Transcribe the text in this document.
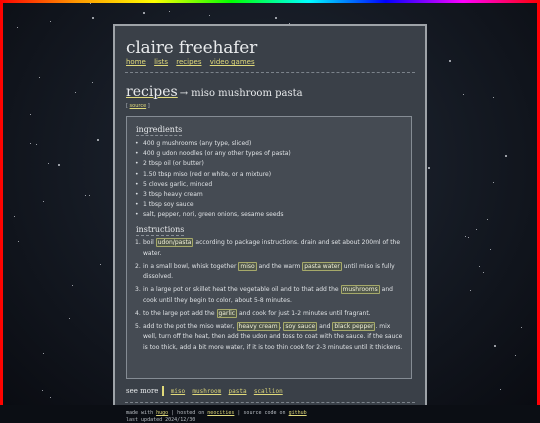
claire freehafer
home lists recipes video games
recipes → miso mushroom pasta
[ source ]
ingredients
• 400 g mushrooms (any type, sliced)
• 400 g udon noodles (or any other types of pasta)
• 2 tbsp oil (or butter)
• 1.50 tbsp miso (red or white, or a mixture)
• 5 cloves garlic, minced
• 3 tbsp heavy cream
• 1 tbsp soy sauce
• salt, pepper, nori, green onions, sesame seeds
instructions
1. boil udon/pasta according to package instructions. drain and set about 200ml of the water.
2. in a small bowl, whisk together miso and the warm pasta water until miso is fully dissolved.
3. in a large pot or skillet heat the vegetable oil and to that add the mushrooms and cook until they begin to color, about 5-8 minutes.
4. to the large pot add the garlic and cook for just 1-2 minutes until fragrant.
5. add to the pot the miso water, heavy cream , soy sauce and black pepper . mix well, turn off the heat, then add the udon and toss to coat with the sauce. if the sauce is too thick, add a bit more water, if it is too thin cook for 2-3 minutes until it thickens.
see more miso mushroom pasta scallion
made with hugo | hosted on neocities | source code on github
last updated 2024/12/30
